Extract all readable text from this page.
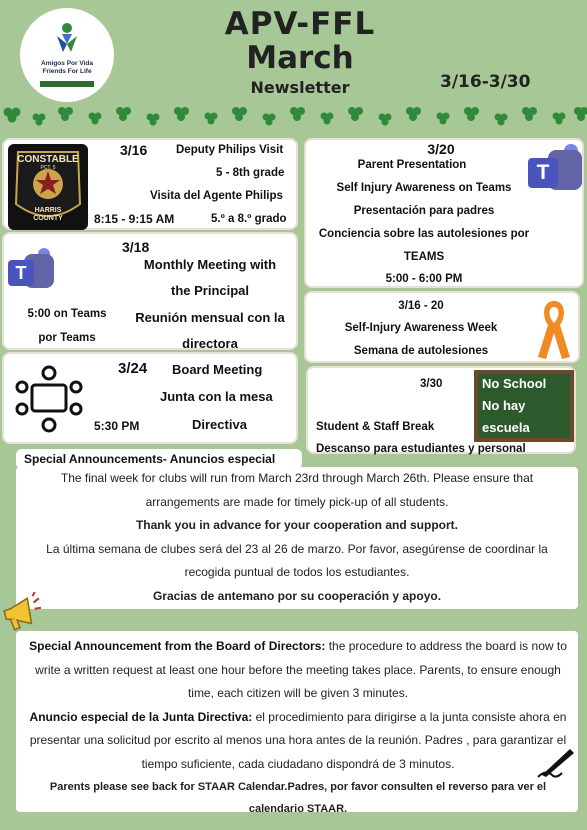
Amigos Por Vida
Friends For Life
APV-FFL
March
Newsletter	3/16-3/30
CONSTABLE
PCT. 5
HARRIS
COUNTY
3/16	Deputy Philips Visit
5 - 8th grade
Visita del Agente Philips
8:15 - 9:15 AM	5.º a 8.º grado
T
3/18
Monthly Meeting with
the Principal
Reunión mensual con la
directora
5:00 on Teams
por Teams
3/24 Board Meeting
Junta con la mesa
Directiva
5:30 PM
3/20
Parent Presentation
Self Injury Awareness on Teams
Presentación para padres
Conciencia sobre las autolesiones por
TEAMS
5:00 - 6:00 PM
T
3/16 - 20
Self-Injury Awareness Week
Semana de autolesiones
3/30
Student & Staff Break
Descanso para estudiantes y personal
No School
No hay
escuela
Special Announcements- Anuncios especial
The final week for clubs will run from March 23rd through March 26th. Please ensure that arrangements are made for timely pick-up of all students.
Thank you in advance for your cooperation and support.
La última semana de clubes será del 23 al 26 de marzo. Por favor, asegúrense de coordinar la recogida puntual de todos los estudiantes.
Gracias de antemano por su cooperación y apoyo.
Special Announcement from the Board of Directors: the procedure to address the board is now to write a written request at least one hour before the meeting takes place. Parents, to ensure enough time, each citizen will be given 3 minutes.
Anuncio especial de la Junta Directiva: el procedimiento para dirigirse a la junta consiste ahora en presentar una solicitud por escrito al menos una hora antes de la reunión. Padres , para garantizar el tiempo suficiente, cada ciudadano dispondrá de 3 minutos.
Parents please see back for STAAR Calendar.Padres, por favor consulten el reverso para ver el calendario STAAR.
